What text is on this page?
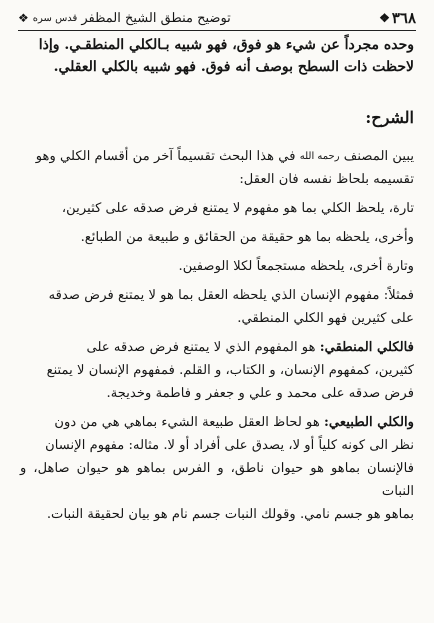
٣٦٨
❖
توضيح منطق الشيخ المظفر
قدس سره
❖

وحده مجرداً عن شيء هو فوق، فهو شبيه بـالكلي المنطقـي. وإذا

لاحظت ذات السطح بوصف أنه فوق. فهو شبيه بالكلي العقلي.

الشرح:

يبين المصنف $^{رحمه الله}$ في هذا البحث تقسيماً آخر من أقسام الكلي وهو
تقسيمه بلحاظ نفسه فان العقل:

تارة، يلحظ الكلي بما هو مفهوم لا يمتنع فرض صدقه على كثيرين،

وأخرى، يلحظه بما هو حقيقة من الحقائق و طبيعة من الطبائع.

وتارة أخرى، يلحظه مستجمعاً لكلا الوصفين.

فمثلاً: مفهوم الإنسان الذي يلحظه العقل بما هو لا يمتنع فرض صدقه
على كثيرين فهو الكلي المنطقي.

فالكلي المنطقي: هو المفهوم الذي لا يمتنع فرض صدقه على
كثيرين، كمفهوم الإنسان، و الكتاب، و القلم. فمفهوم الإنسان لا يمتنع
فرض صدقه على محمد و علي و جعفر و فاطمة وخديجة.

والكلي الطبيعي: هو لحاظ العقل طبيعة الشيء بماهي هي من دون
نظر الى كونه كلياً أو لا، يصدق على أفراد أو لا. مثاله: مفهوم الإنسان
فالإنسان بماهو هو حيوان ناطق، و الفرس بماهو هو حيوان صاهل، و النبات
بماهو هو جسم نامي. وقولك النبات جسم نام هو بيان لحقيقة النبات.
